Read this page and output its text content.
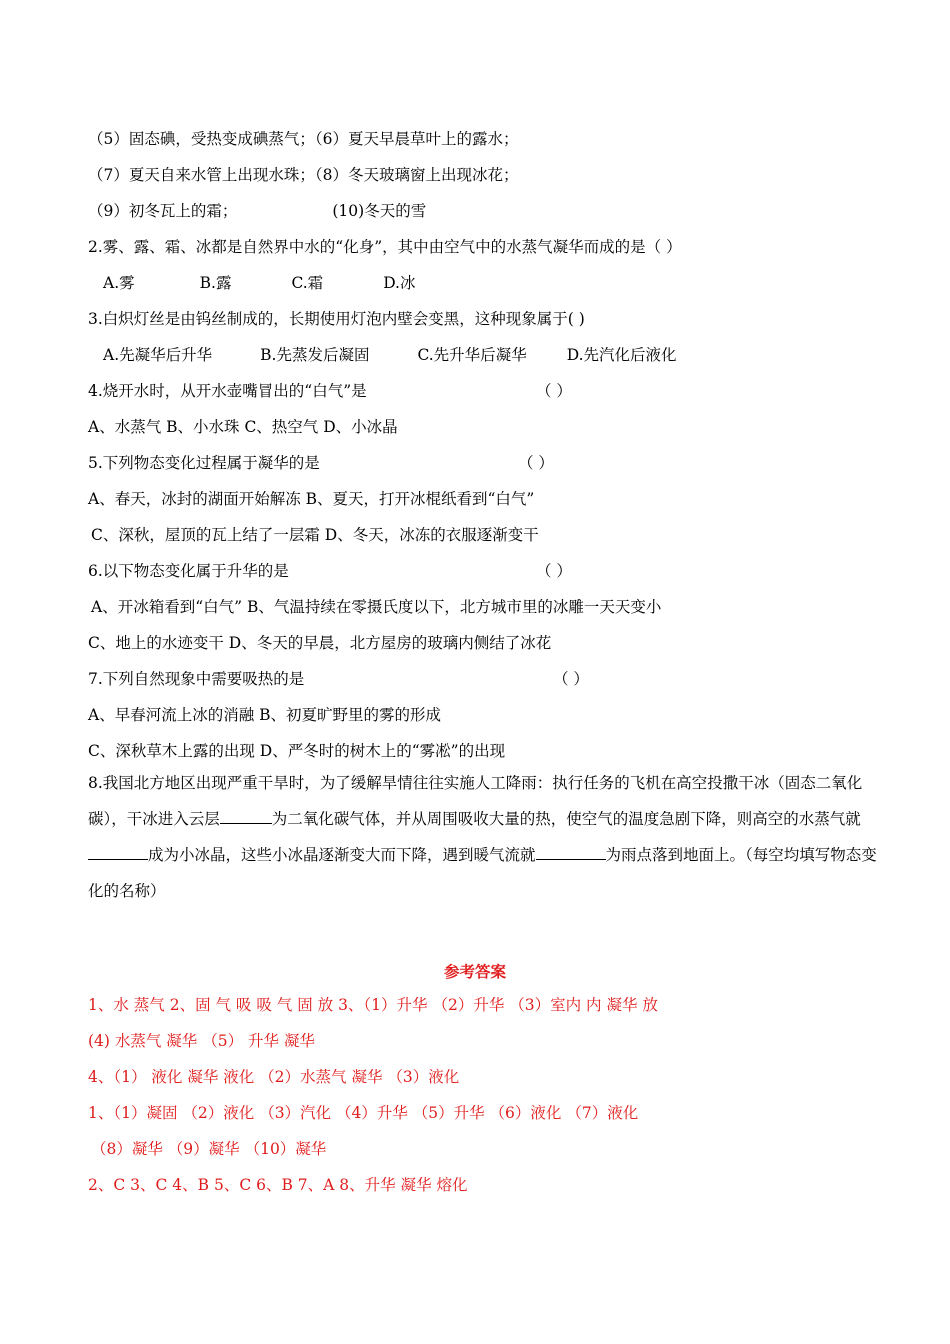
（5）固态碘，受热变成碘蒸气；（6）夏天早晨草叶上的露水；
（7）夏天自来水管上出现水珠；（8）冬天玻璃窗上出现冰花；
（9）初冬瓦上的霜；	(10)冬天的雪
2.雾、露、霜、冰都是自然界中水的“化身”，其中由空气中的水蒸气凝华而成的是（ ）
A.雾	B.露	C.霜	D.冰
3.白炽灯丝是由钨丝制成的，长期使用灯泡内壁会变黑，这种现象属于( )
A.先凝华后升华	B.先蒸发后凝固	C.先升华后凝华	D.先汽化后液化
4.烧开水时，从开水壶嘴冒出的“白气”是	（ ）
A、水蒸气 B、小水珠 C、热空气 D、小冰晶
5.下列物态变化过程属于凝华的是	（ ）
A、春天，冰封的湖面开始解冻 B、夏天，打开冰棍纸看到“白气”
C、深秋，屋顶的瓦上结了一层霜 D、冬天，冰冻的衣服逐渐变干
6.以下物态变化属于升华的是	（ ）
A、开冰箱看到“白气” B、气温持续在零摄氏度以下，北方城市里的冰雕一天天变小
C、地上的水迹变干 D、冬天的早晨，北方屋房的玻璃内侧结了冰花
7.下列自然现象中需要吸热的是	（ ）
A、早春河流上冰的消融 B、初夏旷野里的雾的形成
C、深秋草木上露的出现 D、严冬时的树木上的“雾凇”的出现
8.我国北方地区出现严重干旱时，为了缓解旱情往往实施人工降雨：执行任务的飞机在高空投撒干冰（固态二氧化碳），干冰进入云层	为二氧化碳气体，并从周围吸收大量的热，使空气的温度急剧下降，则高空的水蒸气就成为小冰晶，这些小冰晶逐渐变大而下降，遇到暖气流就	为雨点落到地面上。（每空均填写物态变化的名称）
参考答案
1、水 蒸气 2、固 气 吸 吸 气 固 放 3、（1）升华 （2）升华 （3）室内 内 凝华 放
(4) 水蒸气 凝华 （5） 升华 凝华
4、（1） 液化 凝华 液化 （2）水蒸气 凝华 （3）液化
1、（1）凝固 （2）液化 （3）汽化 （4）升华 （5）升华 （6）液化 （7）液化
（8）凝华 （9）凝华 （10）凝华
2、C 3、C 4、B 5、C 6、B 7、A 8、升华 凝华 熔化
